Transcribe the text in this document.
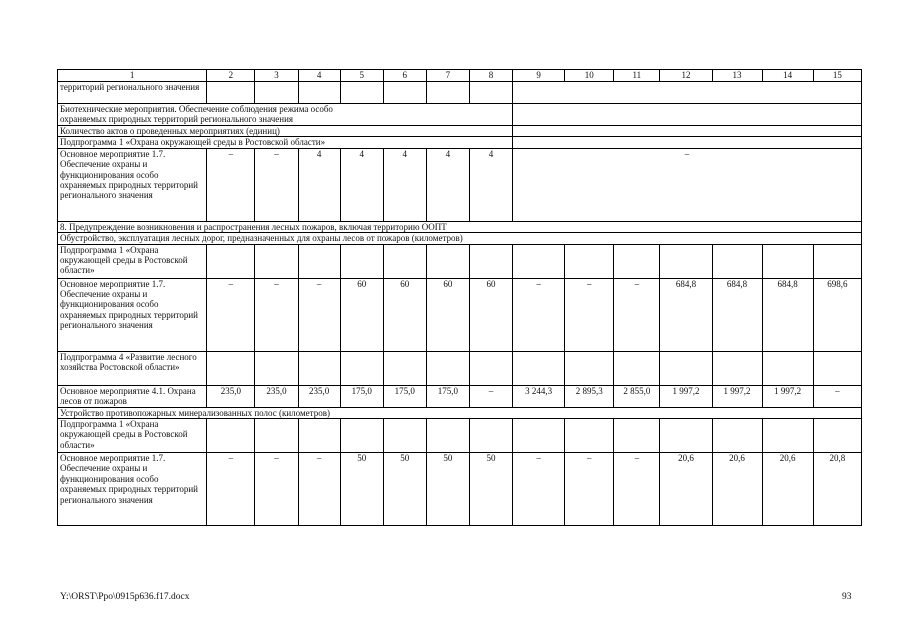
1	2	3	4	5	6	7	8	9	10	11	12	13	14	15
территорий регионального значения														
Биотехнические мероприятия. Обеспечение соблюдения режима особо охраняемых природных территорий регионального значения														
Количество актов о проведенных мероприятиях (единиц)														
Подпрограмма 1 «Охрана окружающей среды в Ростовской области»														
Основное мероприятие 1.7. Обеспечение охраны и функционирования особо охраняемых природных территорий регионального значения	–	–	4	4	4	4	4	–						
8. Предупреждение возникновения и распространения лесных пожаров, включая территорию ООПТ														
Обустройство, эксплуатация лесных дорог, предназначенных для охраны лесов от пожаров (километров)														
Подпрограмма 1 «Охрана окружающей среды в Ростовской области»														
Основное мероприятие 1.7. Обеспечение охраны и функционирования особо охраняемых природных территорий регионального значения	–	–	–	60	60	60	60	–	–	–	684,8	684,8	684,8	698,6
Подпрограмма 4 «Развитие лесного хозяйства Ростовской области»														
Основное мероприятие 4.1. Охрана лесов от пожаров	235,0	235,0	235,0	175,0	175,0	175,0	–	3 244,3	2 895,3	2 855,0	1 997,2	1 997,2	1 997,2	–
Устройство противопожарных минерализованных полос (километров)														
Подпрограмма 1 «Охрана окружающей среды в Ростовской области»														
Основное мероприятие 1.7. Обеспечение охраны и функционирования особо охраняемых природных территорий регионального значения	–	–	–	50	50	50	50	–	–	–	20,6	20,6	20,6	20,8
Y:\ORST\Ppo\0915p636.f17.docx	93
